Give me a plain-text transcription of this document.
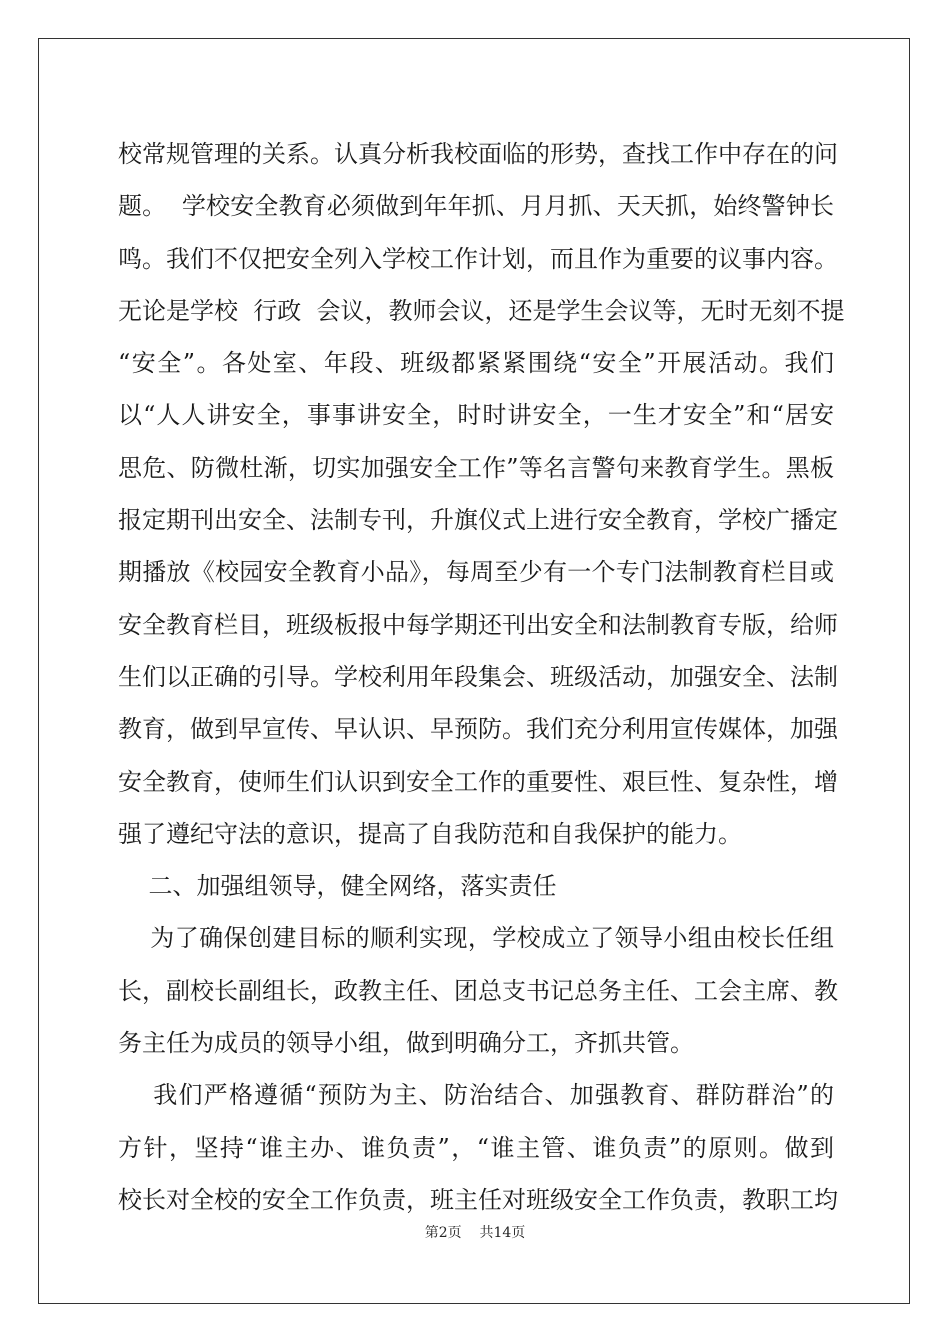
校常规管理的关系。认真分析我校面临的形势，查找工作中存在的问
题。  学校安全教育必须做到年年抓、月月抓、天天抓，始终警钟长
鸣。我们不仅把安全列入学校工作计划，而且作为重要的议事内容。
无论是学校  行政  会议，教师会议，还是学生会议等，无时无刻不提
“安全”。各处室、年段、班级都紧紧围绕“安全”开展活动。我们
以“人人讲安全，事事讲安全，时时讲安全，一生才安全”和“居安
思危、防微杜渐，切实加强安全工作”等名言警句来教育学生。黑板
报定期刊出安全、法制专刊，升旗仪式上进行安全教育，学校广播定
期播放《校园安全教育小品》，每周至少有一个专门法制教育栏目或
安全教育栏目，班级板报中每学期还刊出安全和法制教育专版，给师
生们以正确的引导。学校利用年段集会、班级活动，加强安全、法制
教育，做到早宣传、早认识、早预防。我们充分利用宣传媒体，加强
安全教育，使师生们认识到安全工作的重要性、艰巨性、复杂性，增
强了遵纪守法的意识，提高了自我防范和自我保护的能力。
二、加强组领导，健全网络，落实责任
为了确保创建目标的顺利实现，学校成立了领导小组由校长任组
长，副校长副组长，政教主任、团总支书记总务主任、工会主席、教
务主任为成员的领导小组，做到明确分工，齐抓共管。
我们严格遵循“预防为主、防治结合、加强教育、群防群治”的
方针，坚持“谁主办、谁负责”，“谁主管、谁负责”的原则。做到
校长对全校的安全工作负责，班主任对班级安全工作负责，教职工均
第2页    共14页
